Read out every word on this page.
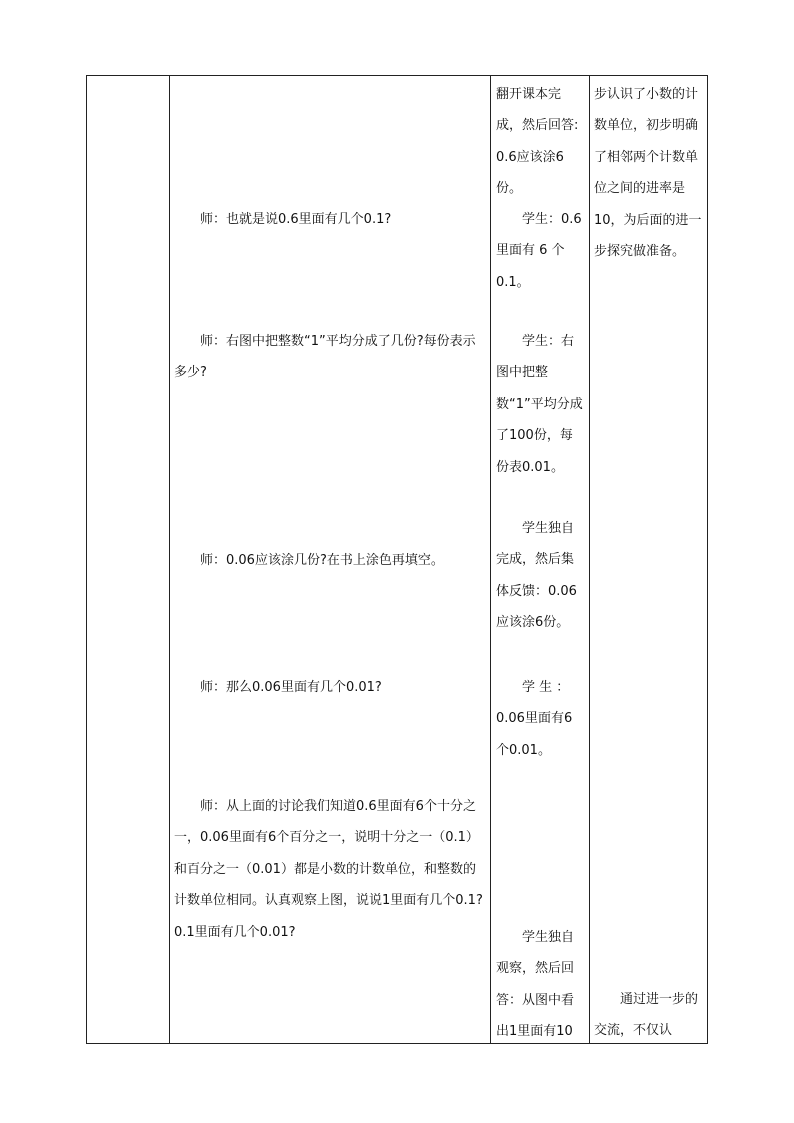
师：也就是说0.6里面有几个0.1?

师：右图中把整数“1”平均分成了几份?每份表示多少?

师：0.06应该涂几份?在书上涂色再填空。

师：那么0.06里面有几个0.01?

师：从上面的讨论我们知道0.6里面有6个十分之一，0.06里面有6个百分之一，说明十分之一（0.1）和百分之一（0.01）都是小数的计数单位，和整数的计数单位相同。认真观察上图，说说1里面有几个0.1? 0.1里面有几个0.01?

翻开课本完成，然后回答: 0.6应该涂6份。

学生：0.6里面有 6 个0.1。

学生：右图中把整数“1”平均分成了100份，每份表0.01。

学生独自完成，然后集体反馈：0.06应该涂6份。

学 生 ：0.06里面有6个0.01。

学生独自观察，然后回答：从图中看出1里面有10

步认识了小数的计数单位，初步明确了相邻两个计数单位之间的进率是10，为后面的进一步探究做准备。

通过进一步的交流，不仅认
